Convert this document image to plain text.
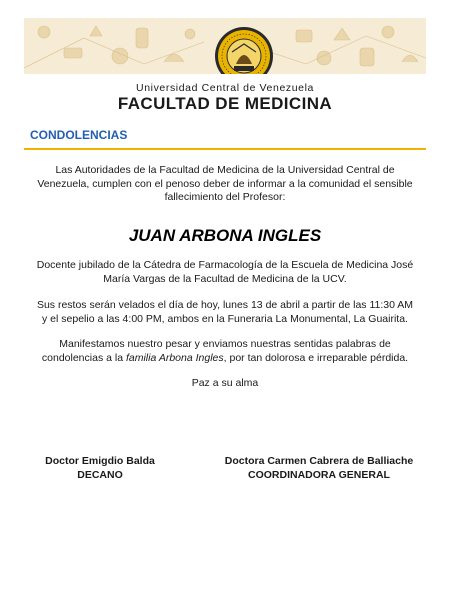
Universidad Central de Venezuela
FACULTAD DE MEDICINA
CONDOLENCIAS
Las Autoridades de la Facultad de Medicina de la Universidad Central de Venezuela, cumplen con el penoso deber de informar a la comunidad el sensible fallecimiento del Profesor:
JUAN ARBONA INGLES
Docente jubilado de la Cátedra de Farmacología de la Escuela de Medicina José María Vargas de la Facultad de Medicina de la UCV.
Sus restos serán velados el día de hoy, lunes 13 de abril a partir de las 11:30 AM y el sepelio a las 4:00 PM, ambos en la Funeraria La Monumental, La Guairita.
Manifestamos nuestro pesar y enviamos nuestras sentidas palabras de condolencias a la familia Arbona Ingles, por tan dolorosa e irreparable pérdida.
Paz a su alma
Doctor Emigdio Balda
DECANO
Doctora Carmen Cabrera de Balliache
COORDINADORA GENERAL
